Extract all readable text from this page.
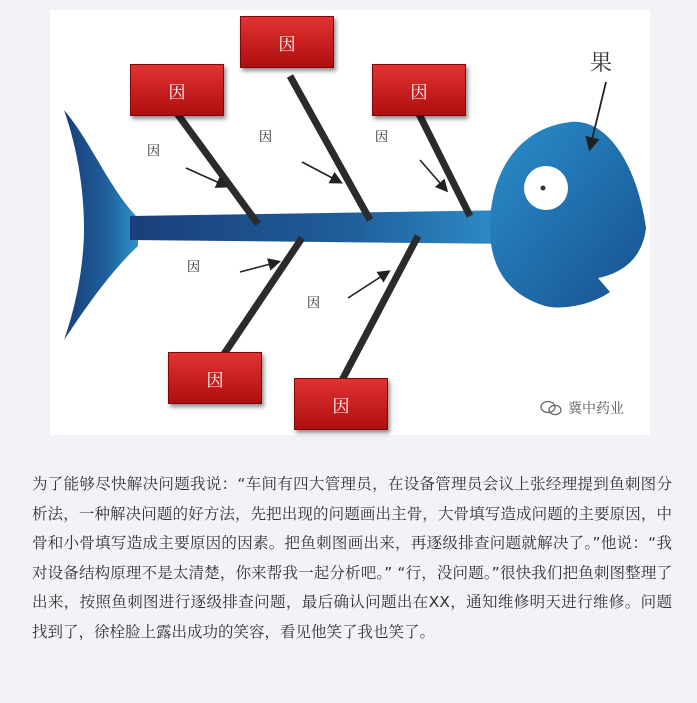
因
因
因
因
因
因
因	因
因
因
果
冀中药业
为了能够尽快解决问题我说：“车间有四大管理员，在设备管理员会议上张经理提到鱼刺图分析法，一种解决问题的好方法，先把出现的问题画出主骨，大骨填写造成问题的主要原因，中骨和小骨填写造成主要原因的因素。把鱼刺图画出来，再逐级排查问题就解决了。”他说：“我对设备结构原理不是太清楚，你来帮我一起分析吧。” “行，没问题。”很快我们把鱼刺图整理了出来，按照鱼刺图进行逐级排查问题，最后确认问题出在XX，通知维修明天进行维修。问题找到了，徐栓脸上露出成功的笑容，看见他笑了我也笑了。
